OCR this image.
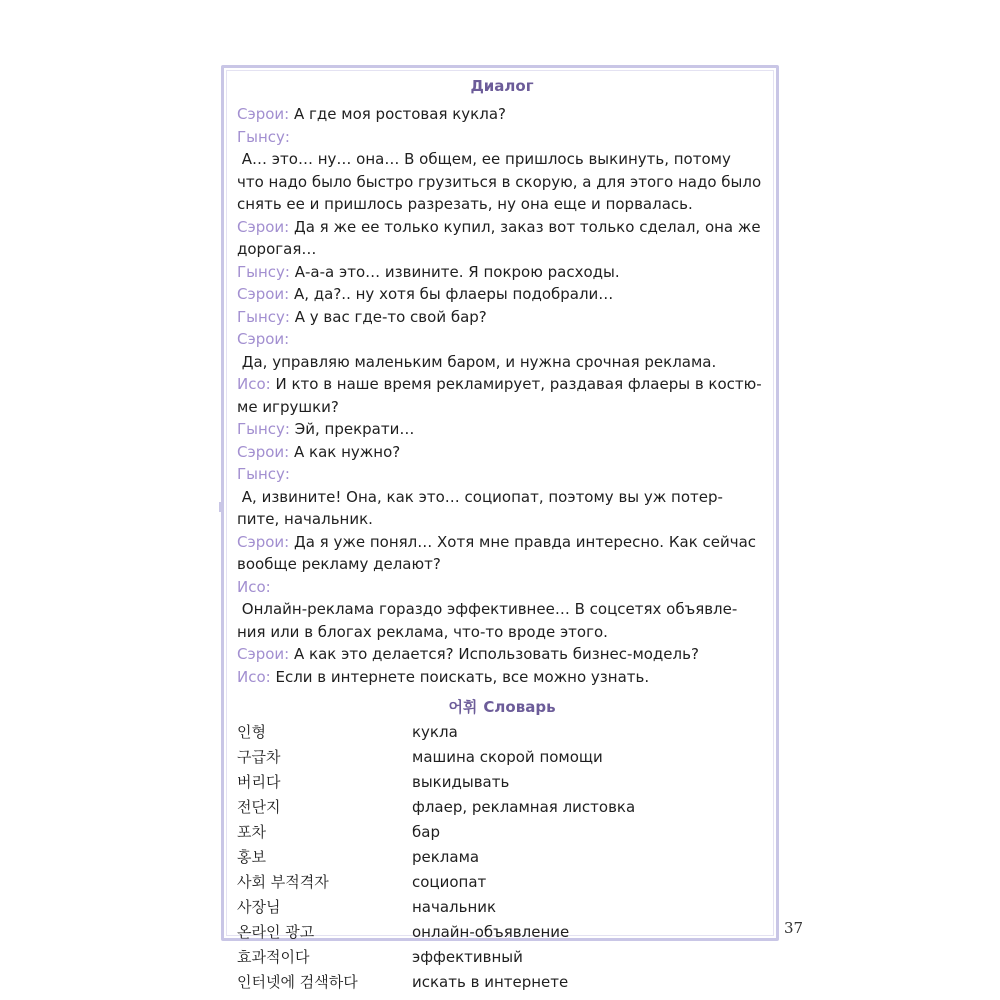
Диалог

Сэрои: А где моя ростовая кукла?

Гынсу: А… это… ну… она… В общем, ее пришлось выкинуть, потому

что надо было быстро грузиться в скорую, а для этого надо было

снять ее и пришлось разрезать, ну она еще и порвалась.

Сэрои: Да я же ее только купил, заказ вот только сделал, она же

дорогая…

Гынсу: А-а-а это… извините. Я покрою расходы.

Сэрои: А, да?.. ну хотя бы флаеры подобрали…

Гынсу: А у вас где-то свой бар?

Сэрои: Да, управляю маленьким баром, и нужна срочная реклама.

Исо: И кто в наше время рекламирует, раздавая флаеры в костю-

ме игрушки?

Гынсу: Эй, прекрати…

Сэрои: А как нужно?

Гынсу: А, извините! Она, как это… социопат, поэтому вы уж потер-

пите, начальник.

Сэрои: Да я уже понял… Хотя мне правда интересно. Как сейчас

вообще рекламу делают?

Исо: Онлайн-реклама гораздо эффективнее… В соцсетях объявле-

ния или в блогах реклама, что-то вроде этого.

Сэрои: А как это делается? Использовать бизнес-модель?

Исо: Если в интернете поискать, все можно узнать.

어휘 Словарь
인형	кукла
구급차	машина скорой помощи
버리다	выкидывать
전단지	флаер, рекламная листовка
포차	бар
홍보	реклама
사회 부적격자	социопат
사장님	начальник
온라인 광고	онлайн-объявление
효과적이다	эффективный
인터넷에 검색하다	искать в интернете
37
